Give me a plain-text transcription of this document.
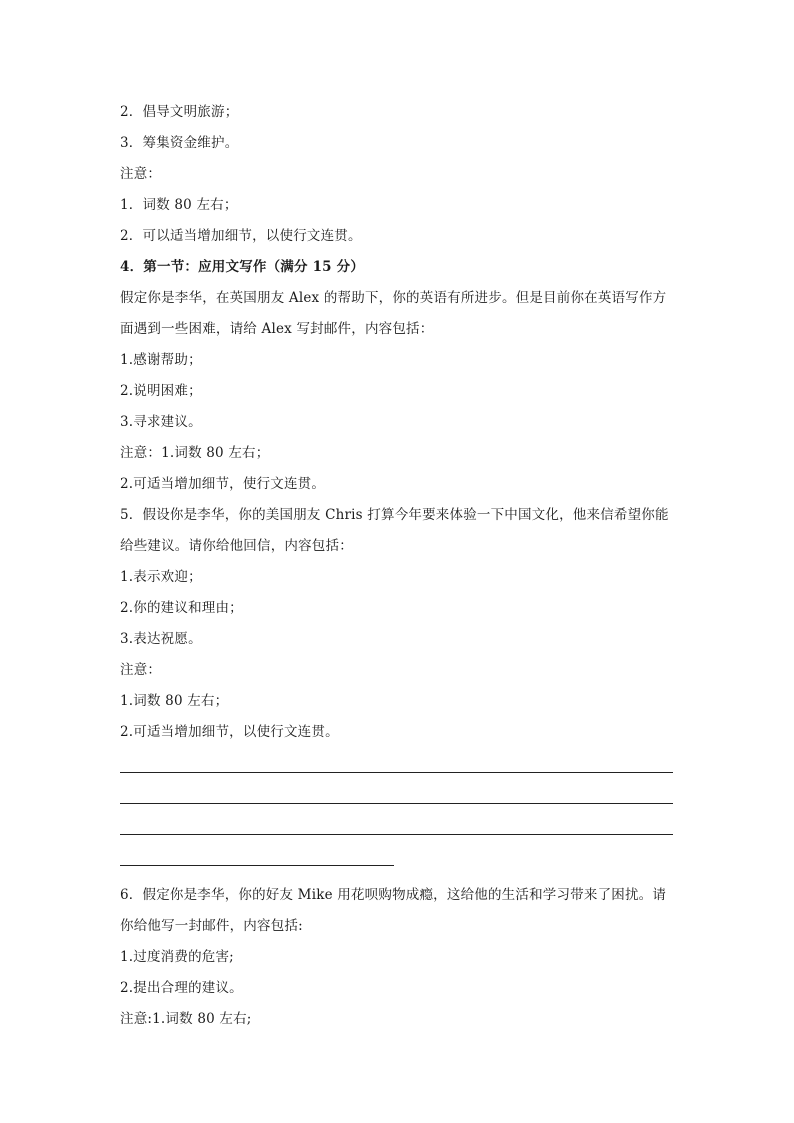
2．倡导文明旅游；
3．筹集资金维护。
注意：
1．词数 80 左右；
2．可以适当增加细节，以使行文连贯。
4．第一节：应用文写作（满分 15 分）
假定你是李华，在英国朋友 Alex 的帮助下，你的英语有所进步。但是目前你在英语写作方
面遇到一些困难，请给 Alex 写封邮件，内容包括：
1.感谢帮助；
2.说明困难；
3.寻求建议。
注意：1.词数 80 左右；
2.可适当增加细节，使行文连贯。
5．假设你是李华，你的美国朋友 Chris 打算今年要来体验一下中国文化，他来信希望你能
给些建议。请你给他回信，内容包括：
1.表示欢迎；
2.你的建议和理由；
3.表达祝愿。
注意：
1.词数 80 左右；
2.可适当增加细节，以使行文连贯。
6．假定你是李华，你的好友 Mike 用花呗购物成瘾，这给他的生活和学习带来了困扰。请
你给他写一封邮件，内容包括:
1.过度消费的危害;
2.提出合理的建议。
注意:1.词数 80 左右;
